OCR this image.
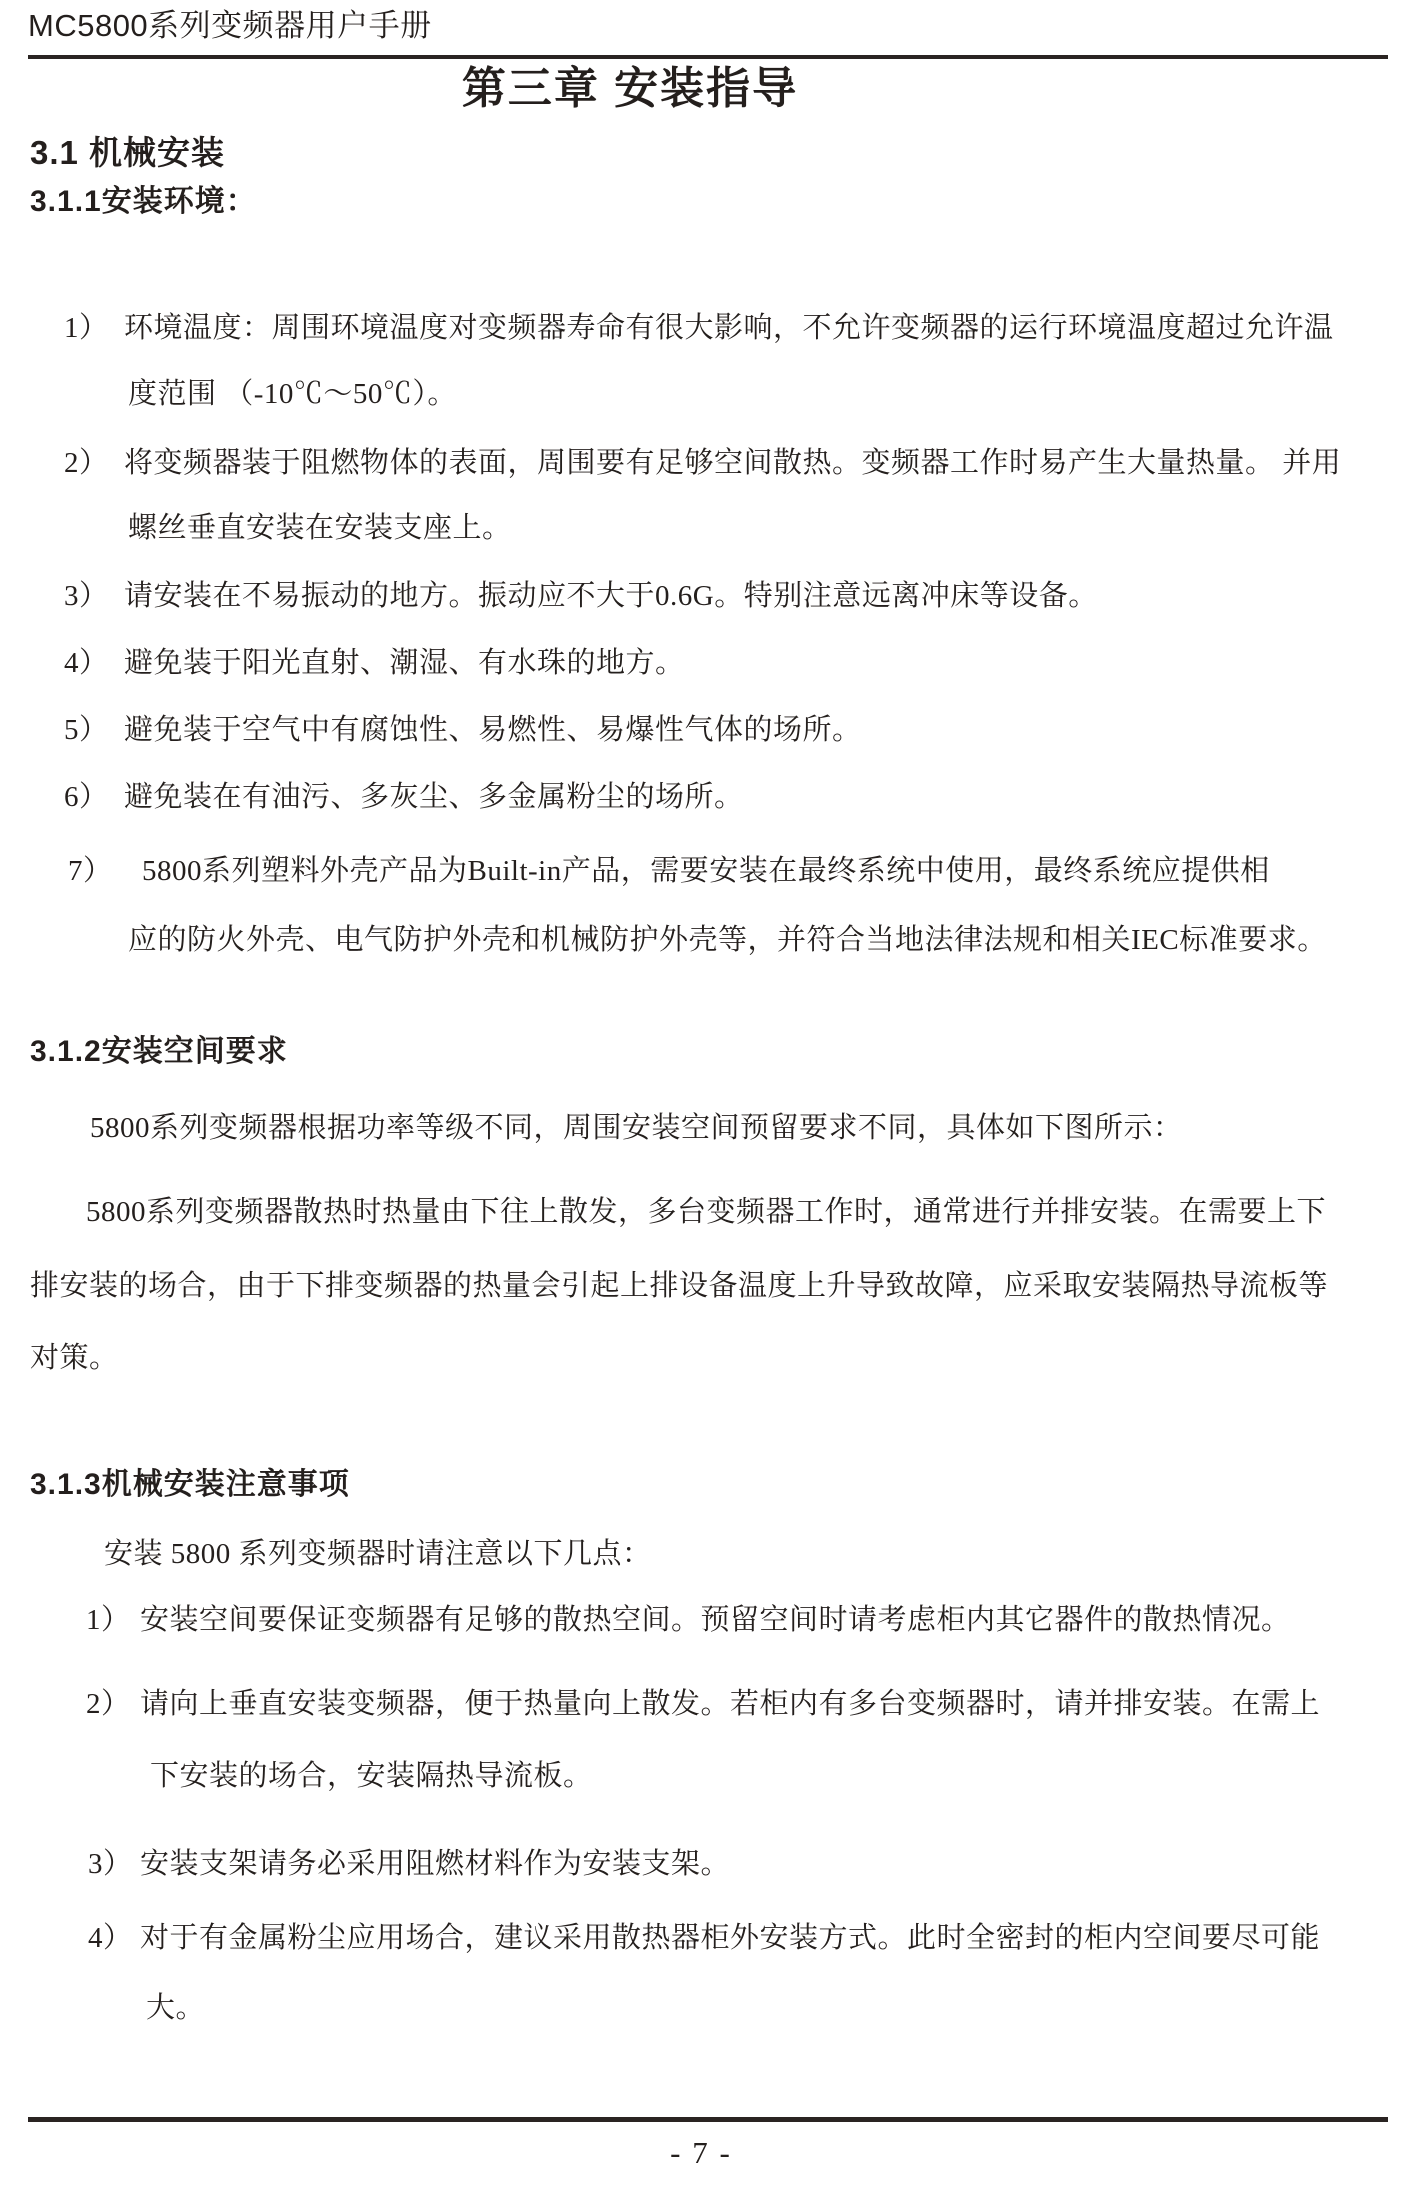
MC5800系列变频器用户手册
第三章 安装指导
3.1 机械安装
3.1.1安装环境：
1） 环境温度：周围环境温度对变频器寿命有很大影响，不允许变频器的运行环境温度超过允许温
度范围 （-10℃～50℃）。
2） 将变频器装于阻燃物体的表面，周围要有足够空间散热。变频器工作时易产生大量热量。 并用
螺丝垂直安装在安装支座上。
3） 请安装在不易振动的地方。振动应不大于0.6G。特别注意远离冲床等设备。
4） 避免装于阳光直射、潮湿、有水珠的地方。
5） 避免装于空气中有腐蚀性、易燃性、易爆性气体的场所。
6） 避免装在有油污、多灰尘、多金属粉尘的场所。
7） 5800系列塑料外壳产品为Built-in产品，需要安装在最终系统中使用，最终系统应提供相
应的防火外壳、电气防护外壳和机械防护外壳等，并符合当地法律法规和相关IEC标准要求。
3.1.2安装空间要求
5800系列变频器根据功率等级不同，周围安装空间预留要求不同，具体如下图所示：
5800系列变频器散热时热量由下往上散发，多台变频器工作时，通常进行并排安装。在需要上下
排安装的场合，由于下排变频器的热量会引起上排设备温度上升导致故障，应采取安装隔热导流板等
对策。
3.1.3机械安装注意事项
安装 5800 系列变频器时请注意以下几点：
1） 安装空间要保证变频器有足够的散热空间。预留空间时请考虑柜内其它器件的散热情况。
2） 请向上垂直安装变频器，便于热量向上散发。若柜内有多台变频器时，请并排安装。在需上
下安装的场合，安装隔热导流板。
3） 安装支架请务必采用阻燃材料作为安装支架。
4） 对于有金属粉尘应用场合，建议采用散热器柜外安装方式。此时全密封的柜内空间要尽可能
大。
- 7 -
